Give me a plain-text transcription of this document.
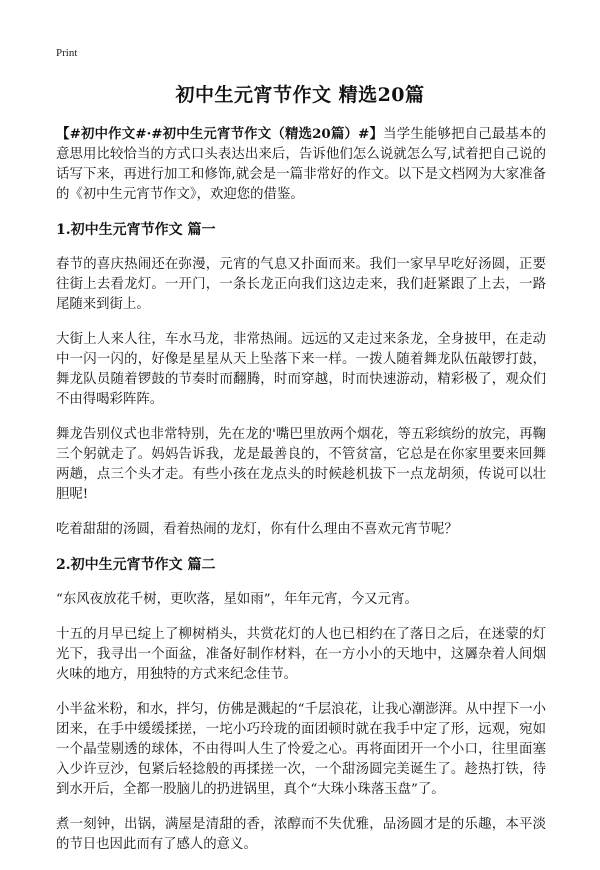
Print
初中生元宵节作文 精选20篇

【#初中作文#·#初中生元宵节作文（精选20篇）#】当学生能够把自己最基本的意思用比较恰当的方式口头表达出来后，告诉他们怎么说就怎么写,试着把自己说的话写下来，再进行加工和修饰,就会是一篇非常好的作文。以下是文档网为大家准备的《初中生元宵节作文》，欢迎您的借鉴。

1.初中生元宵节作文 篇一

春节的喜庆热闹还在弥漫，元宵的气息又扑面而来。我们一家早早吃好汤圆，正要往街上去看龙灯。一开门，一条长龙正向我们这边走来，我们赶紧跟了上去，一路尾随来到街上。

大街上人来人往，车水马龙，非常热闹。远远的又走过来条龙，全身披甲，在走动中一闪一闪的，好像是星星从天上坠落下来一样。一拨人随着舞龙队伍敲锣打鼓，舞龙队员随着锣鼓的节奏时而翻腾，时而穿越，时而快速游动，精彩极了，观众们不由得喝彩阵阵。

舞龙告别仪式也非常特别，先在龙的'嘴巴里放两个烟花，等五彩缤纷的放完，再鞠三个躬就走了。妈妈告诉我，龙是最善良的，不管贫富，它总是在你家里要来回舞两趟，点三个头才走。有些小孩在龙点头的时候趁机拔下一点龙胡须，传说可以壮胆呢!

吃着甜甜的汤圆，看着热闹的龙灯，你有什么理由不喜欢元宵节呢？

2.初中生元宵节作文 篇二

“东风夜放花千树，更吹落，星如雨”，年年元宵，今又元宵。

十五的月早已绽上了柳树梢头，共赏花灯的人也已相约在了落日之后，在迷蒙的灯光下，我寻出一个面盆，准备好制作材料，在一方小小的天地中，这羼杂着人间烟火味的地方，用独特的方式来纪念佳节。

小半盆米粉，和水，拌匀，仿佛是溅起的“千层浪花，让我心潮澎湃。从中捏下一小团来，在手中缓缓揉搓，一坨小巧玲珑的面团顿时就在我手中定了形，远观，宛如一个晶莹剔透的球体，不由得叫人生了怜爱之心。再将面团开一个小口，往里面塞入少许豆沙，包紧后轻捻般的再揉搓一次，一个甜汤圆完美诞生了。趁热打铁，待到水开后，全都一股脑儿的扔进锅里，真个“大珠小珠落玉盘”了。

煮一刻钟，出锅，满屋是清甜的香，浓醇而不失优雅，品汤圆才是的乐趣，本平淡的节日也因此而有了感人的意义。
